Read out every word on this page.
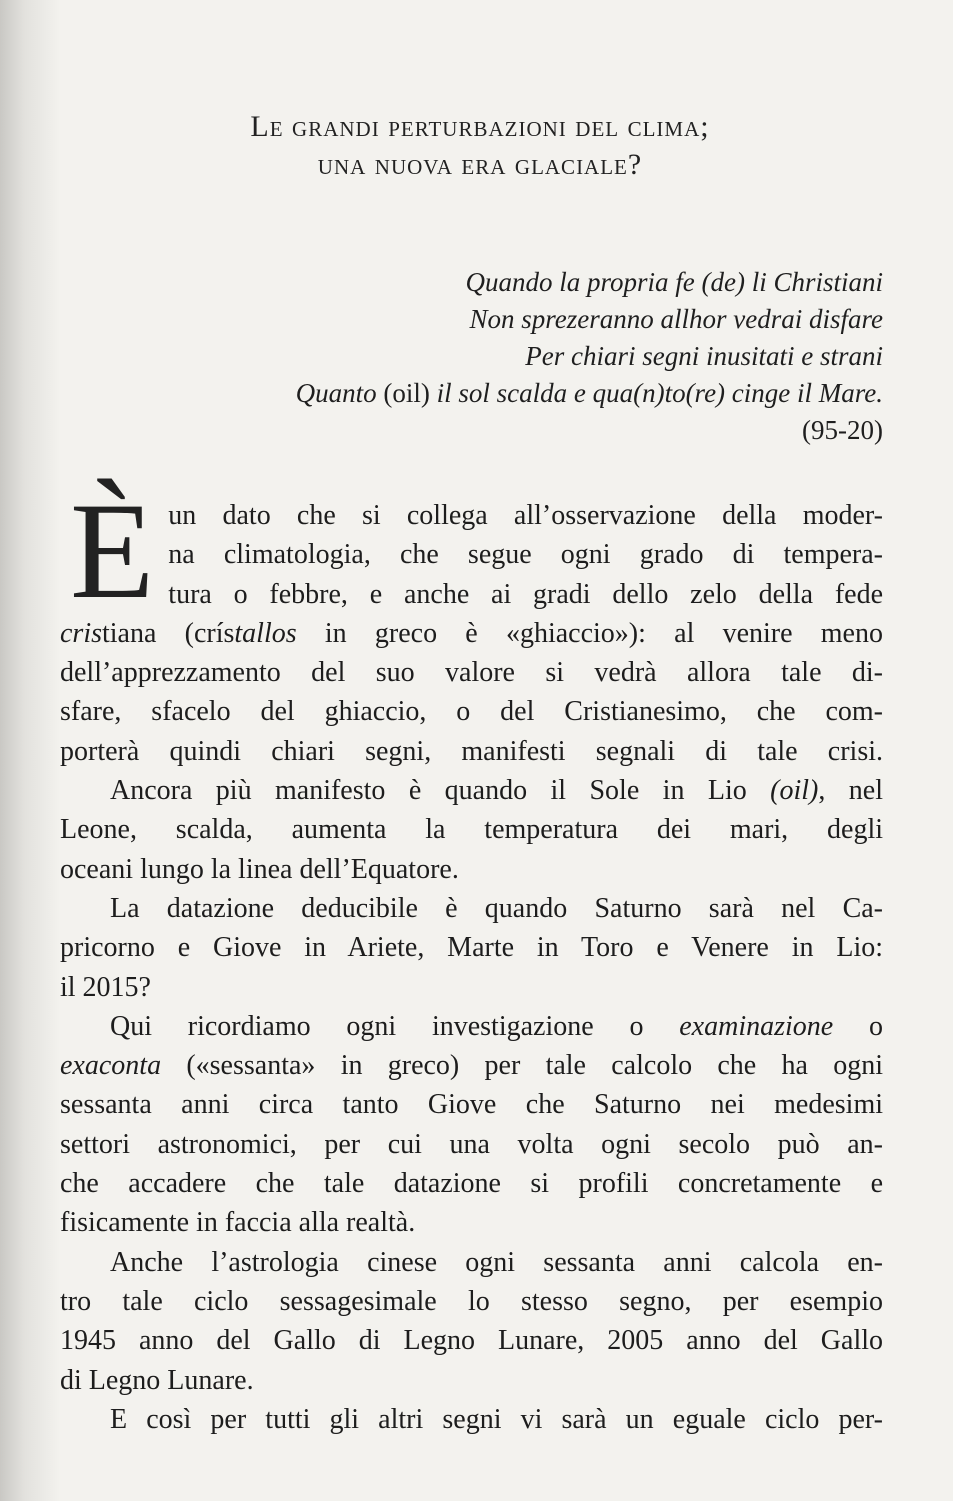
Le grandi perturbazioni del clima;
una nuova era glaciale?
Quando la propria fe (de) li Christiani
Non sprezeranno allhor vedrai disfare
Per chiari segni inusitati e strani
Quanto (oil) il sol scalda e qua(n)to(re) cinge il Mare.
(95-20)

È un dato che si collega all’osservazione della moder-
na climatologia, che segue ogni grado di tempera-
tura o febbre, e anche ai gradi dello zelo della fede
cristiana (crístallos in greco è «ghiaccio»): al venire meno
dell’apprezzamento del suo valore si vedrà allora tale di-
sfare, sfacelo del ghiaccio, o del Cristianesimo, che com-
porterà quindi chiari segni, manifesti segnali di tale crisi.

Ancora più manifesto è quando il Sole in Lio (oil), nel
Leone, scalda, aumenta la temperatura dei mari, degli
oceani lungo la linea dell’Equatore.

La datazione deducibile è quando Saturno sarà nel Ca-
pricorno e Giove in Ariete, Marte in Toro e Venere in Lio:
il 2015?

Qui ricordiamo ogni investigazione o examinazione o
exaconta («sessanta» in greco) per tale calcolo che ha ogni
sessanta anni circa tanto Giove che Saturno nei medesimi
settori astronomici, per cui una volta ogni secolo può an-
che accadere che tale datazione si profili concretamente e
fisicamente in faccia alla realtà.

Anche l’astrologia cinese ogni sessanta anni calcola en-
tro tale ciclo sessagesimale lo stesso segno, per esempio
1945 anno del Gallo di Legno Lunare, 2005 anno del Gallo
di Legno Lunare.

E così per tutti gli altri segni vi sarà un eguale ciclo per-
